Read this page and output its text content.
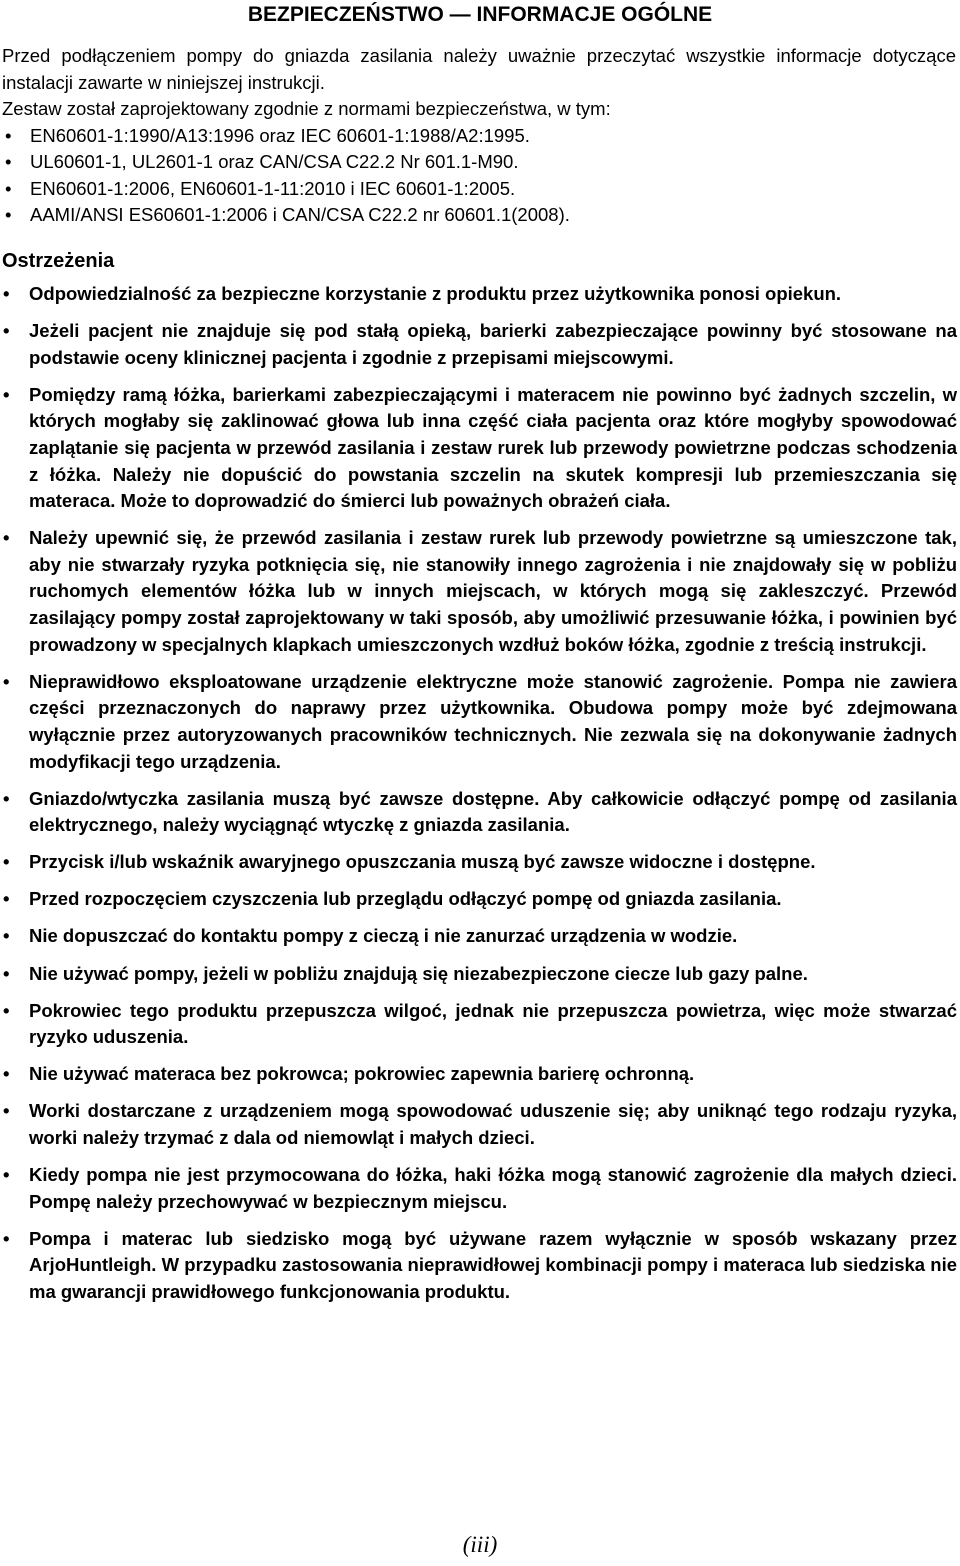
BEZPIECZEŃSTWO — INFORMACJE OGÓLNE

Przed podłączeniem pompy do gniazda zasilania należy uważnie przeczytać wszystkie informacje dotyczące instalacji zawarte w niniejszej instrukcji.

Zestaw został zaprojektowany zgodnie z normami bezpieczeństwa, w tym:

• EN60601-1:1990/A13:1996 oraz IEC 60601-1:1988/A2:1995.
• UL60601-1, UL2601-1 oraz CAN/CSA C22.2 Nr 601.1-M90.
• EN60601-1:2006, EN60601-1-11:2010 i IEC 60601-1:2005.
• AAMI/ANSI ES60601-1:2006 i CAN/CSA C22.2 nr 60601.1(2008).
Ostrzeżenia
• Odpowiedzialność za bezpieczne korzystanie z produktu przez użytkownika ponosi opiekun.
• Jeżeli pacjent nie znajduje się pod stałą opieką, barierki zabezpieczające powinny być stosowane na podstawie oceny klinicznej pacjenta i zgodnie z przepisami miejscowymi.
• Pomiędzy ramą łóżka, barierkami zabezpieczającymi i materacem nie powinno być żadnych szczelin, w których mogłaby się zaklinować głowa lub inna część ciała pacjenta oraz które mogłyby spowodować zaplątanie się pacjenta w przewód zasilania i zestaw rurek lub przewody powietrzne podczas schodzenia z łóżka. Należy nie dopuścić do powstania szczelin na skutek kompresji lub przemieszczania się materaca. Może to doprowadzić do śmierci lub poważnych obrażeń ciała.
• Należy upewnić się, że przewód zasilania i zestaw rurek lub przewody powietrzne są umieszczone tak, aby nie stwarzały ryzyka potknięcia się, nie stanowiły innego zagrożenia i nie znajdowały się w pobliżu ruchomych elementów łóżka lub w innych miejscach, w których mogą się zakleszczyć. Przewód zasilający pompy został zaprojektowany w taki sposób, aby umożliwić przesuwanie łóżka, i powinien być prowadzony w specjalnych klapkach umieszczonych wzdłuż boków łóżka, zgodnie z treścią instrukcji.
• Nieprawidłowo eksploatowane urządzenie elektryczne może stanowić zagrożenie. Pompa nie zawiera części przeznaczonych do naprawy przez użytkownika. Obudowa pompy może być zdejmowana wyłącznie przez autoryzowanych pracowników technicznych. Nie zezwala się na dokonywanie żadnych modyfikacji tego urządzenia.
• Gniazdo/wtyczka zasilania muszą być zawsze dostępne. Aby całkowicie odłączyć pompę od zasilania elektrycznego, należy wyciągnąć wtyczkę z gniazda zasilania.
• Przycisk i/lub wskaźnik awaryjnego opuszczania muszą być zawsze widoczne i dostępne.
• Przed rozpoczęciem czyszczenia lub przeglądu odłączyć pompę od gniazda zasilania.
• Nie dopuszczać do kontaktu pompy z cieczą i nie zanurzać urządzenia w wodzie.
• Nie używać pompy, jeżeli w pobliżu znajdują się niezabezpieczone ciecze lub gazy palne.
• Pokrowiec tego produktu przepuszcza wilgoć, jednak nie przepuszcza powietrza, więc może stwarzać ryzyko uduszenia.
• Nie używać materaca bez pokrowca; pokrowiec zapewnia barierę ochronną.
• Worki dostarczane z urządzeniem mogą spowodować uduszenie się; aby uniknąć tego rodzaju ryzyka, worki należy trzymać z dala od niemowląt i małych dzieci.
• Kiedy pompa nie jest przymocowana do łóżka, haki łóżka mogą stanowić zagrożenie dla małych dzieci. Pompę należy przechowywać w bezpiecznym miejscu.
• Pompa i materac lub siedzisko mogą być używane razem wyłącznie w sposób wskazany przez ArjoHuntleigh. W przypadku zastosowania nieprawidłowej kombinacji pompy i materaca lub siedziska nie ma gwarancji prawidłowego funkcjonowania produktu.
(iii)
